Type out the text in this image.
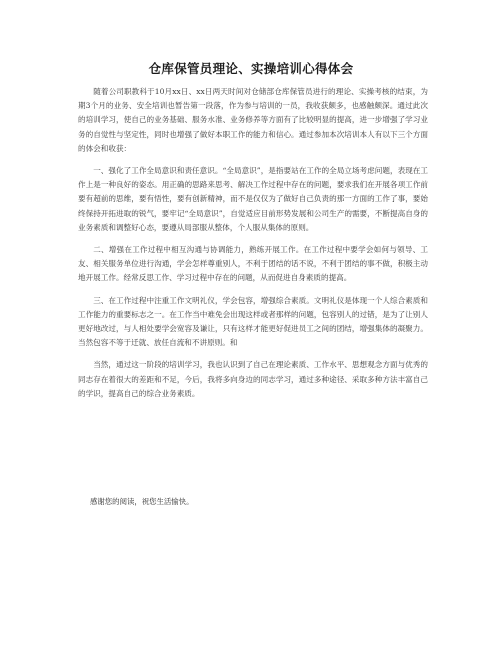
仓库保管员理论、实操培训心得体会

随着公司职教科于10月xx日、xx日两天时间对仓储部仓库保管员进行的理论、实操考核的结束，为期3个月的业务、安全培训也暂告第一段落，作为参与培训的一员，我收获颇多，也感触颇深。通过此次的培训学习，使自己的业务基础、服务水准、业务修养等方面有了比较明显的提高，进一步增强了学习业务的自觉性与坚定性，同时也增强了做好本职工作的能力和信心。通过参加本次培训本人有以下三个方面的体会和收获：

一、强化了工作全局意识和责任意识。“全局意识”，是指要站在工作的全局立场考虑问题，表现在工作上是一种良好的姿态。用正确的思路来思考、解决工作过程中存在的问题，要求我们在开展各项工作前要有超前的思维，要有悟性，要有创新精神，而不是仅仅为了做好自己负责的那一方面的工作了事，要始终保持开拓进取的锐气，要牢记“全局意识”，自觉适应目前形势发展和公司生产的需要，不断提高自身的业务素质和调整好心态，要遵从局部服从整体，个人服从集体的原则。

二、增强在工作过程中相互沟通与协调能力，熟练开展工作。在工作过程中要学会如何与领导、工友、相关服务单位进行沟通，学会怎样尊重别人，不利于团结的话不说，不利于团结的事不做，积极主动地开展工作。经常反思工作、学习过程中存在的问题，从而促进自身素质的提高。

三、在工作过程中注重工作文明礼仪，学会包容，增强综合素质。文明礼仪是体现一个人综合素质和工作能力的重要标志之一。在工作当中难免会出现这样或者那样的问题，包容别人的过错，是为了让别人更好地改过，与人相处要学会宽容及谦让，只有这样才能更好促进员工之间的团结，增强集体的凝聚力。当然包容不等于迁就、放任自流和不讲原则。和

当然，通过这一阶段的培训学习，我也认识到了自己在理论素质、工作水平、思想观念方面与优秀的同志存在着很大的差距和不足，今后，我将多向身边的同志学习，通过多种途径、采取多种方法丰富自己的学识，提高自己的综合业务素质。

感谢您的阅读，祝您生活愉快。
